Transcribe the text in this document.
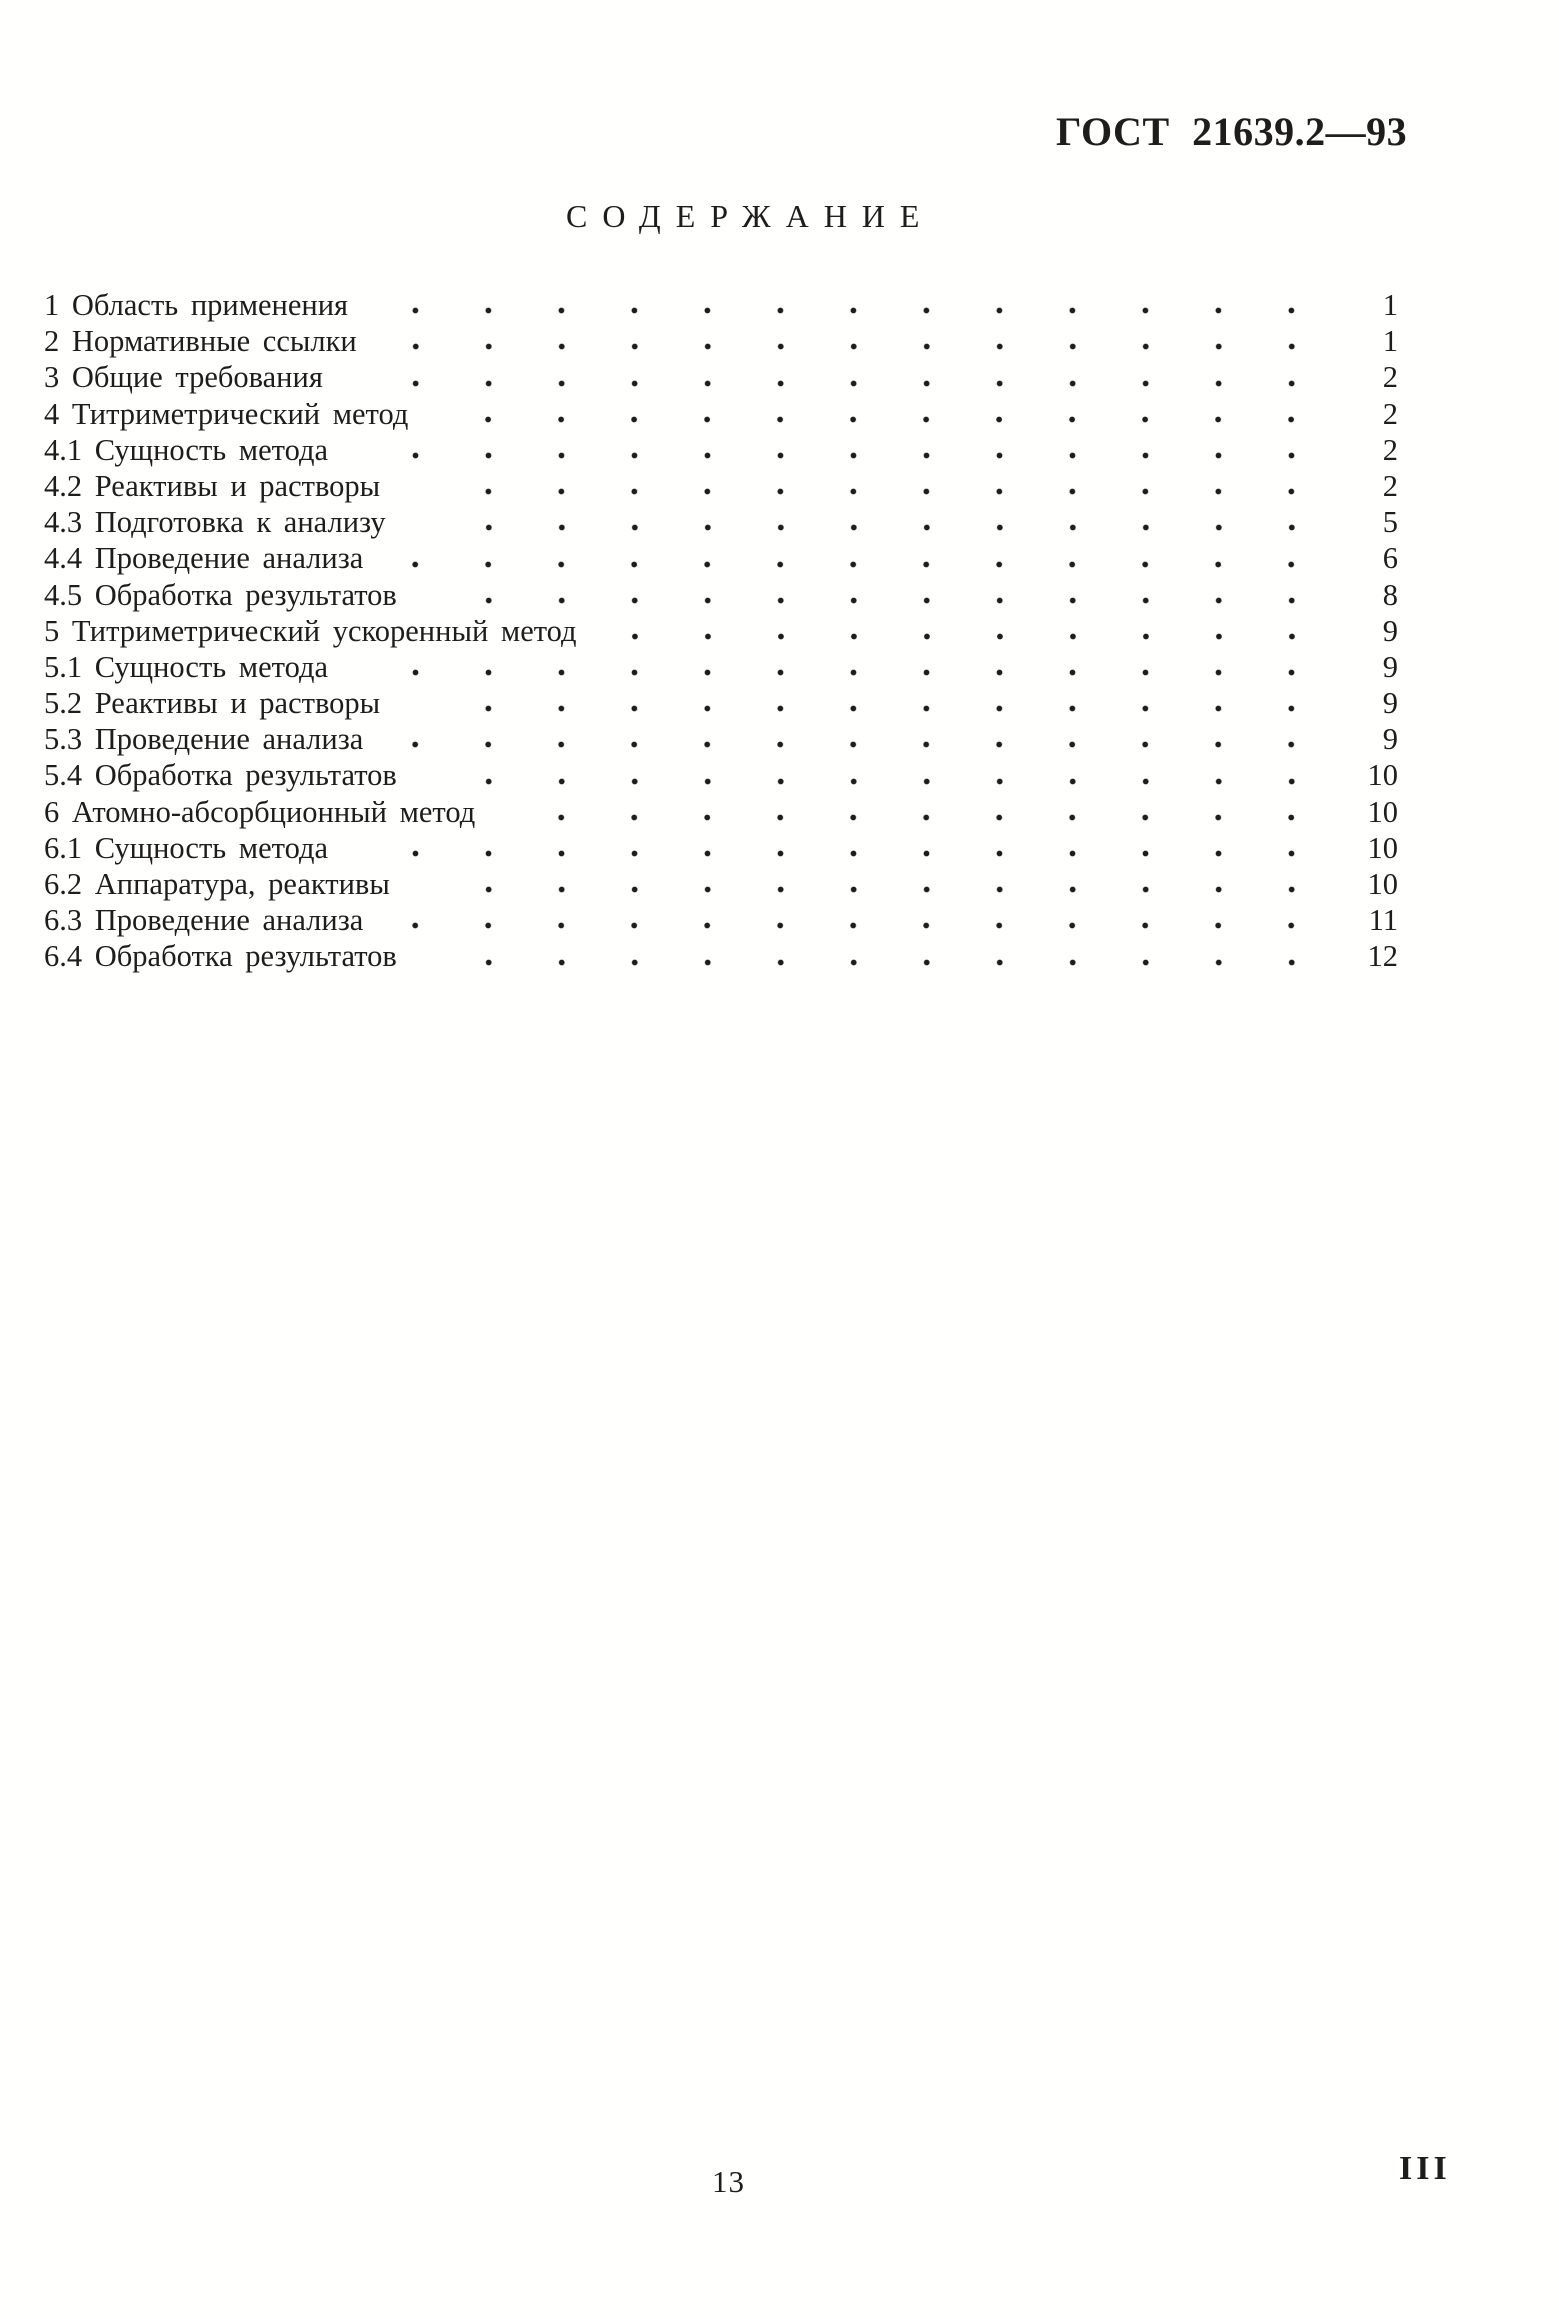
ГОСТ 21639.2—93
СОДЕРЖАНИЕ
1 Область применения	1
2 Нормативные ссылки	1
3 Общие требования	2
4 Титриметрический метод	2
4.1 Сущность метода	2
4.2 Реактивы и растворы	2
4.3 Подготовка к анализу	5
4.4 Проведение анализа	6
4.5 Обработка результатов	8
5 Титриметрический ускоренный метод	9
5.1 Сущность метода	9
5.2 Реактивы и растворы	9
5.3 Проведение анализа	9
5.4 Обработка результатов	10
6 Атомно-абсорбционный метод	10
6.1 Сущность метода	10
6.2 Аппаратура, реактивы	10
6.3 Проведение анализа	11
6.4 Обработка результатов	12
13	III
